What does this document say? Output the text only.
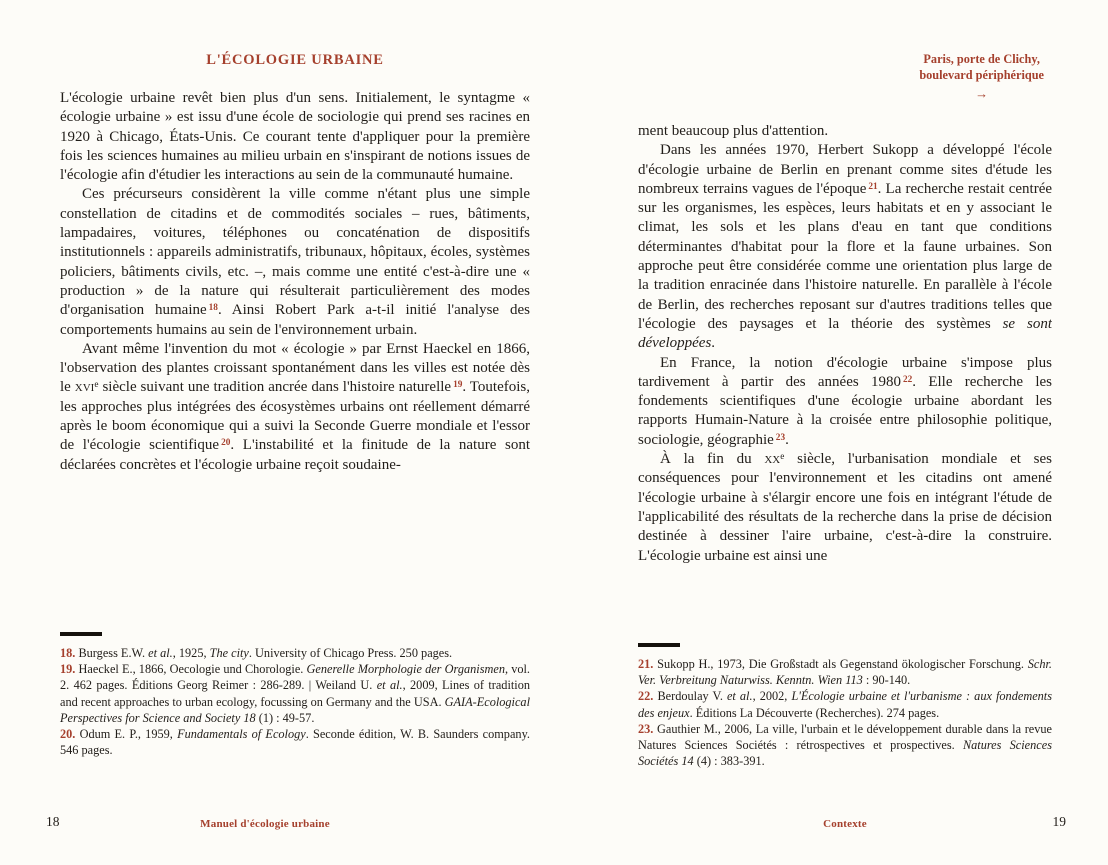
L'ÉCOLOGIE URBAINE

L'écologie urbaine revêt bien plus d'un sens. Initialement, le syntagme « écologie urbaine » est issu d'une école de sociologie qui prend ses racines en 1920 à Chicago, États-Unis. Ce courant tente d'appliquer pour la première fois les sciences humaines au milieu urbain en s'inspirant de notions issues de l'écologie afin d'étudier les interactions au sein de la communauté humaine.

Ces précurseurs considèrent la ville comme n'étant plus une simple constellation de citadins et de commodités sociales – rues, bâtiments, lampadaires, voitures, téléphones ou concaténation de dispositifs institutionnels : appareils administratifs, tribunaux, hôpitaux, écoles, systèmes policiers, bâtiments civils, etc. –, mais comme une entité c'est-à-dire une « production » de la nature qui résulterait particulièrement des modes d'organisation humaine $^{18}$. Ainsi Robert Park a-t-il initié l'analyse des comportements humains au sein de l'environnement urbain.

Avant même l'invention du mot « écologie » par Ernst Haeckel en 1866, l'observation des plantes croissant spontanément dans les villes est notée dès le xvi$^e$ siècle suivant une tradition ancrée dans l'histoire naturelle $^{19}$. Toutefois, les approches plus intégrées des écosystèmes urbains ont réellement démarré après le boom économique qui a suivi la Seconde Guerre mondiale et l'essor de l'écologie scientifique $^{20}$. L'instabilité et la finitude de la nature sont déclarées concrètes et l'écologie urbaine reçoit soudaine-

18. Burgess E.W. et al., 1925, The city. University of Chicago Press. 250 pages.

19. Haeckel E., 1866, Oecologie und Chorologie. Generelle Morphologie der Organismen, vol. 2. 462 pages. Éditions Georg Reimer : 286-289. | Weiland U. et al., 2009, Lines of tradition and recent approaches to urban ecology, focussing on Germany and the USA. GAIA-Ecological Perspectives for Science and Society 18 (1) : 49-57.

20. Odum E. P., 1959, Fundamentals of Ecology. Seconde édition, W. B. Saunders company. 546 pages.

Paris, porte de Clichy,
boulevard périphérique
→

ment beaucoup plus d'attention.

Dans les années 1970, Herbert Sukopp a développé l'école d'écologie urbaine de Berlin en prenant comme sites d'étude les nombreux terrains vagues de l'époque $^{21}$. La recherche restait centrée sur les organismes, les espèces, leurs habitats et en y associant le climat, les sols et les plans d'eau en tant que conditions déterminantes d'habitat pour la flore et la faune urbaines. Son approche peut être considérée comme une orientation plus large de la tradition enracinée dans l'histoire naturelle. En parallèle à l'école de Berlin, des recherches reposant sur d'autres traditions telles que l'écologie des paysages et la théorie des systèmes se sont développées.

En France, la notion d'écologie urbaine s'impose plus tardivement à partir des années 1980 $^{22}$. Elle recherche les fondements scientifiques d'une écologie urbaine abordant les rapports Humain-Nature à la croisée entre philosophie politique, sociologie, géographie $^{23}$.

À la fin du $xx^e$ siècle, l'urbanisation mondiale et ses conséquences pour l'environnement et les citadins ont amené l'écologie urbaine à s'élargir encore une fois en intégrant l'étude de l'applicabilité des résultats de la recherche dans la prise de décision destinée à dessiner l'aire urbaine, c'est-à-dire la construire. L'écologie urbaine est ainsi une

21. Sukopp H., 1973, Die Großstadt als Gegenstand ökologischer Forschung. Schr. Ver. Verbreitung Naturwiss. Kenntn. Wien 113 : 90-140.

22. Berdoulay V. et al., 2002, L'Écologie urbaine et l'urbanisme : aux fondements des enjeux. Éditions La Découverte (Recherches). 274 pages.

23. Gauthier M., 2006, La ville, l'urbain et le développement durable dans la revue Natures Sciences Sociétés : rétrospectives et prospectives. Natures Sciences Sociétés 14 (4) : 383-391.

18	Manuel d'écologie urbaine	Contexte	19
